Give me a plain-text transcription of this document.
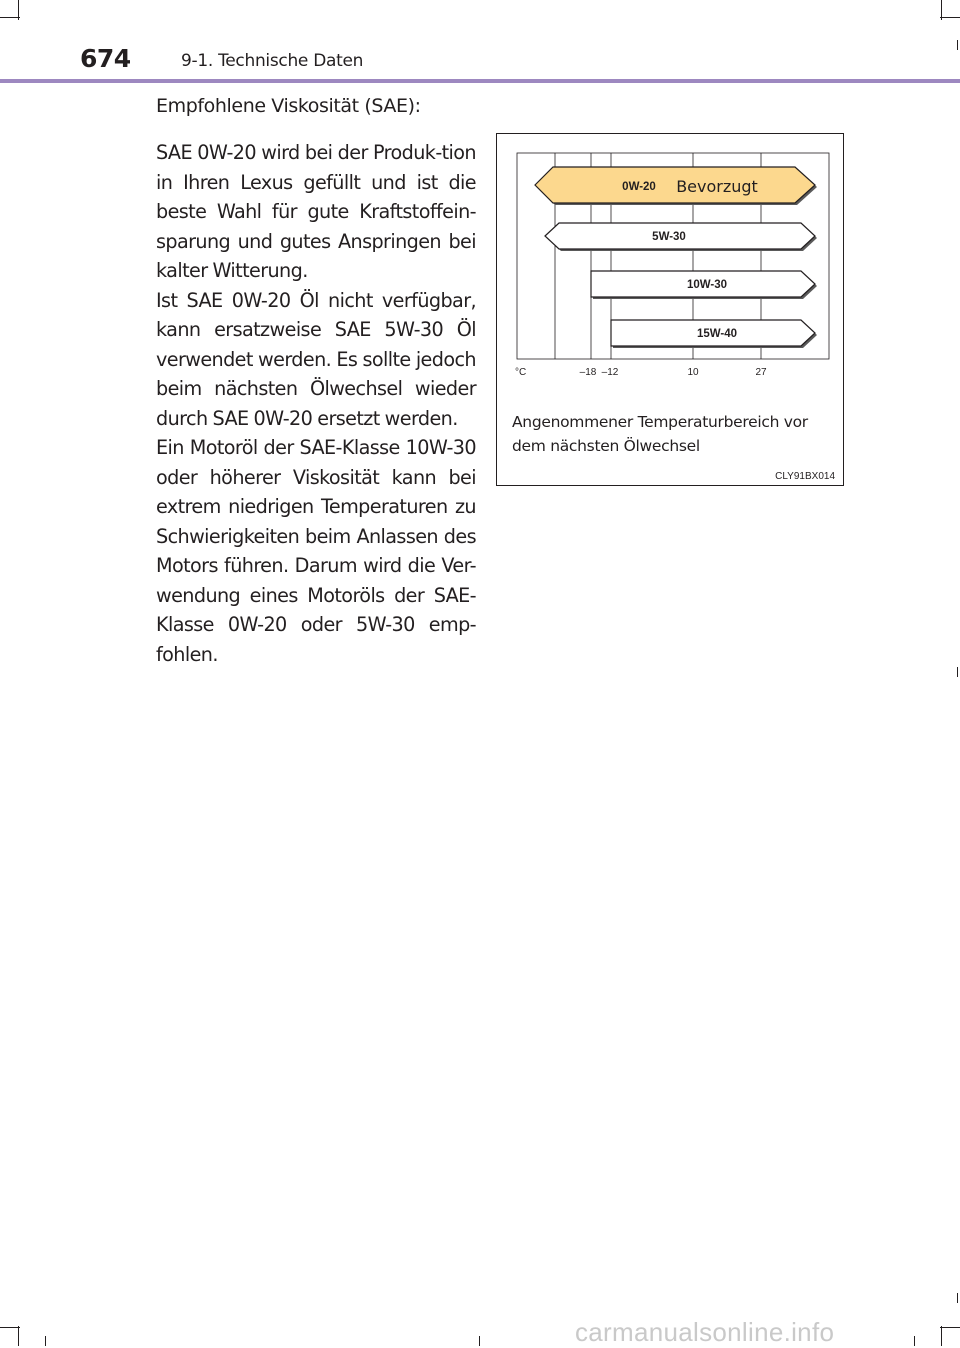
674	9-1. Technische Daten
Empfohlene Viskosität (SAE):

SAE 0W-20 wird bei der Produk-tion in Ihren Lexus gefüllt und ist die beste Wahl für gute Kraftstoffein-sparung und gutes Anspringen bei kalter Witterung.

Ist SAE 0W-20 Öl nicht verfügbar, kann ersatzweise SAE 5W-30 Öl verwendet werden. Es sollte jedoch beim nächsten Ölwechsel wieder durch SAE 0W-20 ersetzt werden.

Ein Motoröl der SAE-Klasse 10W-30 oder höherer Viskosität kann bei extrem niedrigen Temperaturen zu Schwierigkeiten beim Anlassen des Motors führen. Darum wird die Ver-wendung eines Motoröls der SAE-Klasse 0W-20 oder 5W-30 emp-fohlen.

0W-20 Bevorzugt
5W-30
10W-30
15W-40
°C	–18 –12	10	27
Angenommener Temperaturbereich vor dem nächsten Ölwechsel
CLY91BX014
carmanualsonline.info
